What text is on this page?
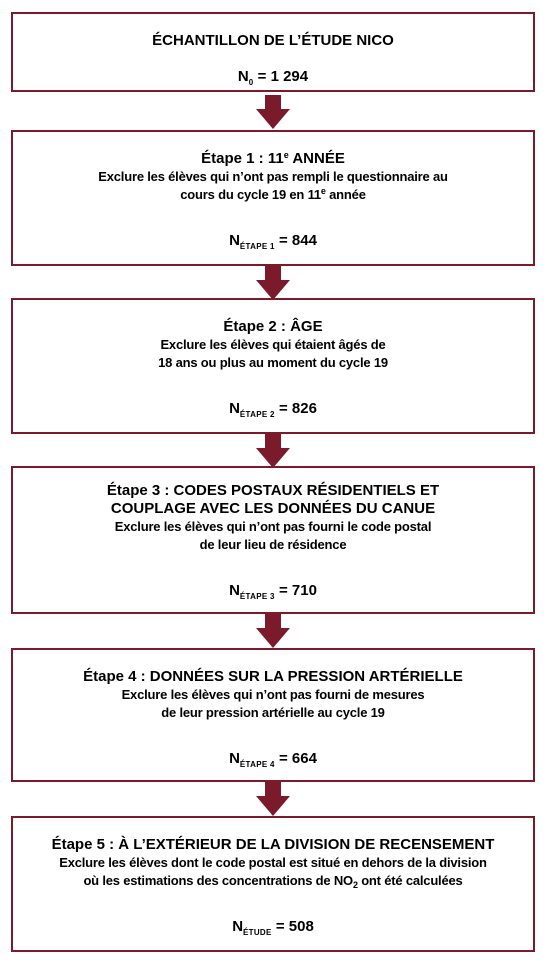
ÉCHANTILLON DE L’ÉTUDE NICO
$N_0 = 1$ 294
Étape 1 : 11e ANNÉE
Exclure les élèves qui n’ont pas rempli le questionnaire au
cours du cycle 19 en 11e année
$N_{ÉTAPE 1} = 844$
Étape 2 : ÂGE
Exclure les élèves qui étaient âgés de
18 ans ou plus au moment du cycle 19
$N_{ÉTAPE 2} = 826$
Étape 3 : CODES POSTAUX RÉSIDENTIELS ET
COUPLAGE AVEC LES DONNÉES DU CANUE
Exclure les élèves qui n’ont pas fourni le code postal
de leur lieu de résidence
$N_{ÉTAPE 3} = 710$
Étape 4 : DONNÉES SUR LA PRESSION ARTÉRIELLE
Exclure les élèves qui n’ont pas fourni de mesures
de leur pression artérielle au cycle 19
$N_{ÉTAPE 4} = 664$
Étape 5 : À L’EXTÉRIEUR DE LA DIVISION DE RECENSEMENT
Exclure les élèves dont le code postal est situé en dehors de la division
où les estimations des concentrations de $NO_2$ ont été calculées
$N_{ÉTUDE} = 508$
